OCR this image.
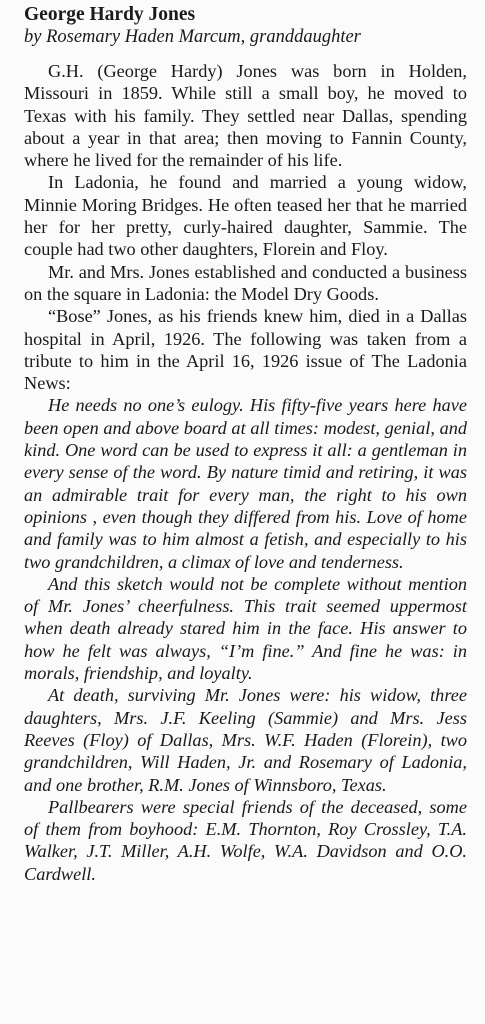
George Hardy Jones
by Rosemary Haden Marcum, granddaughter

G.H. (George Hardy) Jones was born in Holden, Missouri in 1859. While still a small boy, he moved to Texas with his family. They settled near Dallas, spending about a year in that area; then moving to Fannin County, where he lived for the remainder of his life.

In Ladonia, he found and married a young widow, Minnie Moring Bridges. He often teased her that he married her for her pretty, curly-haired daughter, Sammie. The couple had two other daughters, Florein and Floy.

Mr. and Mrs. Jones established and conducted a business on the square in Ladonia: the Model Dry Goods.

“Bose” Jones, as his friends knew him, died in a Dallas hospital in April, 1926. The following was taken from a tribute to him in the April 16, 1926 issue of The Ladonia News:

He needs no one’s eulogy. His fifty-five years here have been open and above board at all times: modest, genial, and kind. One word can be used to express it all: a gentleman in every sense of the word. By nature timid and retiring, it was an admirable trait for every man, the right to his own opinions , even though they differed from his. Love of home and family was to him almost a fetish, and especially to his two grandchildren, a climax of love and tenderness.

And this sketch would not be complete without mention of Mr. Jones’ cheerfulness. This trait seemed uppermost when death already stared him in the face. His answer to how he felt was always, “I’m fine.” And fine he was: in morals, friendship, and loyalty.

At death, surviving Mr. Jones were: his widow, three daughters, Mrs. J.F. Keeling (Sammie) and Mrs. Jess Reeves (Floy) of Dallas, Mrs. W.F. Haden (Florein), two grandchildren, Will Haden, Jr. and Rosemary of Ladonia, and one brother, R.M. Jones of Winnsboro, Texas.

Pallbearers were special friends of the deceased, some of them from boyhood: E.M. Thornton, Roy Crossley, T.A. Walker, J.T. Miller, A.H. Wolfe, W.A. Davidson and O.O. Cardwell.
